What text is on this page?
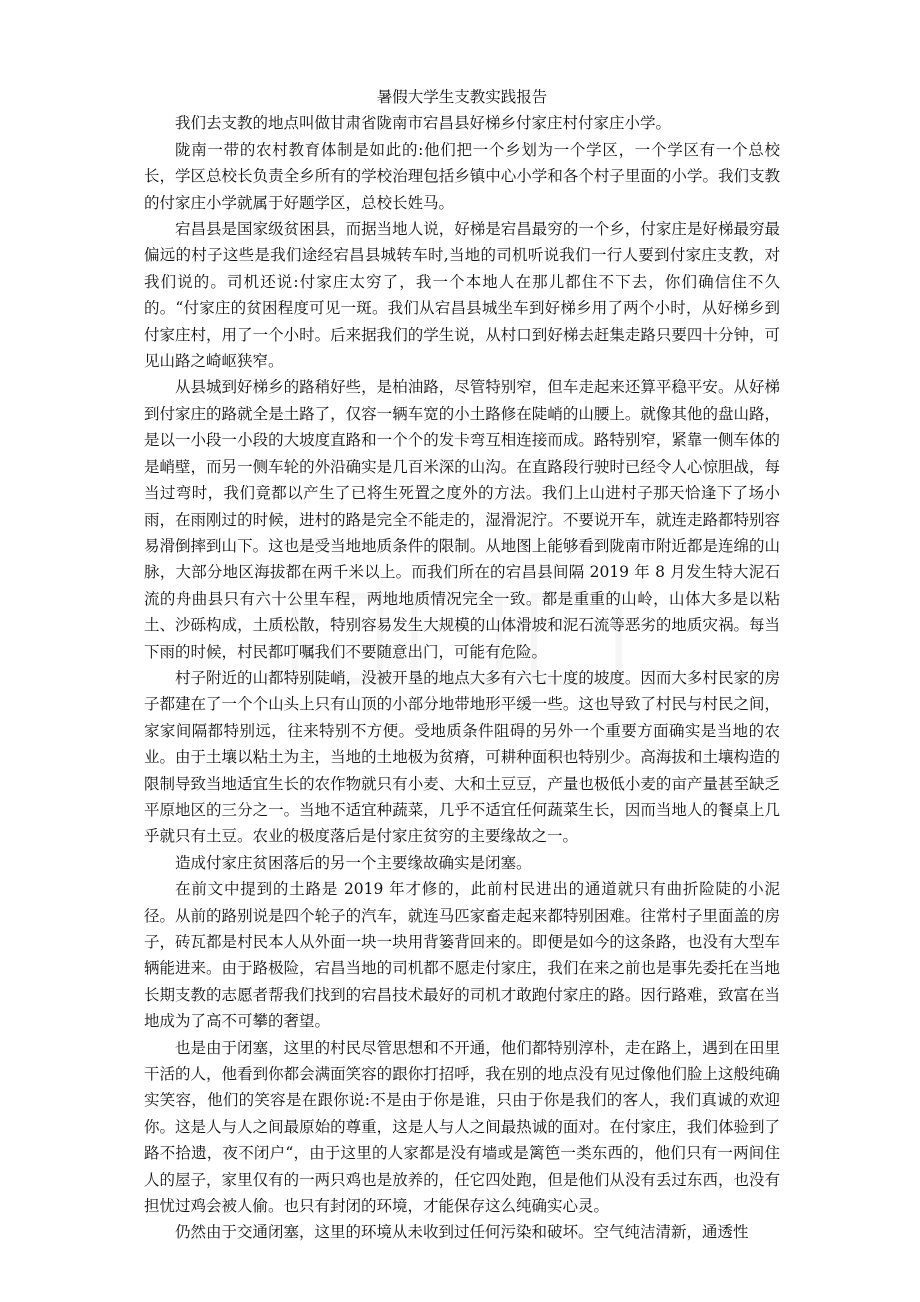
暑假大学生支教实践报告

我们去支教的地点叫做甘肃省陇南市宕昌县好梯乡付家庄村付家庄小学。

陇南一带的农村教育体制是如此的:他们把一个乡划为一个学区，一个学区有一个总校长，学区总校长负责全乡所有的学校治理包括乡镇中心小学和各个村子里面的小学。我们支教的付家庄小学就属于好题学区，总校长姓马。

宕昌县是国家级贫困县，而据当地人说，好梯是宕昌最穷的一个乡，付家庄是好梯最穷最偏远的村子这些是我们途经宕昌县城转车时,当地的司机听说我们一行人要到付家庄支教，对我们说的。司机还说:付家庄太穷了，我一个本地人在那儿都住不下去，你们确信住不久的。“付家庄的贫困程度可见一斑。我们从宕昌县城坐车到好梯乡用了两个小时，从好梯乡到付家庄村，用了一个小时。后来据我们的学生说，从村口到好梯去赶集走路只要四十分钟，可见山路之崎岖狭窄。

从县城到好梯乡的路稍好些，是柏油路，尽管特别窄，但车走起来还算平稳平安。从好梯到付家庄的路就全是土路了，仅容一辆车宽的小土路修在陡峭的山腰上。就像其他的盘山路，是以一小段一小段的大坡度直路和一个个的发卡弯互相连接而成。路特别窄，紧靠一侧车体的是峭壁，而另一侧车轮的外沿确实是几百米深的山沟。在直路段行驶时已经令人心惊胆战，每当过弯时，我们竟都以产生了已将生死置之度外的方法。我们上山进村子那天恰逢下了场小雨，在雨刚过的时候，进村的路是完全不能走的，湿滑泥泞。不要说开车，就连走路都特别容易滑倒摔到山下。这也是受当地地质条件的限制。从地图上能够看到陇南市附近都是连绵的山脉，大部分地区海拔都在两千米以上。而我们所在的宕昌县间隔 2019 年 8 月发生特大泥石流的舟曲县只有六十公里车程，两地地质情况完全一致。都是重重的山岭，山体大多是以粘土、沙砾构成，土质松散，特别容易发生大规模的山体滑坡和泥石流等恶劣的地质灾祸。每当下雨的时候，村民都叮嘱我们不要随意出门，可能有危险。

村子附近的山都特别陡峭，没被开垦的地点大多有六七十度的坡度。因而大多村民家的房子都建在了一个个山头上只有山顶的小部分地带地形平缓一些。这也导致了村民与村民之间，家家间隔都特别远，往来特别不方便。受地质条件阻碍的另外一个重要方面确实是当地的农业。由于土壤以粘土为主，当地的土地极为贫瘠，可耕种面积也特别少。高海拔和土壤构造的限制导致当地适宜生长的农作物就只有小麦、大和土豆豆，产量也极低小麦的亩产量甚至缺乏平原地区的三分之一。当地不适宜种蔬菜，几乎不适宜任何蔬菜生长，因而当地人的餐桌上几乎就只有土豆。农业的极度落后是付家庄贫穷的主要缘故之一。

造成付家庄贫困落后的另一个主要缘故确实是闭塞。

在前文中提到的土路是 2019 年才修的，此前村民进出的通道就只有曲折险陡的小泥径。从前的路别说是四个轮子的汽车，就连马匹家畜走起来都特别困难。往常村子里面盖的房子，砖瓦都是村民本人从外面一块一块用背篓背回来的。即便是如今的这条路，也没有大型车辆能进来。由于路极险，宕昌当地的司机都不愿走付家庄，我们在来之前也是事先委托在当地长期支教的志愿者帮我们找到的宕昌技术最好的司机才敢跑付家庄的路。因行路难，致富在当地成为了高不可攀的奢望。

也是由于闭塞，这里的村民尽管思想和不开通，他们都特别淳朴，走在路上，遇到在田里干活的人，他看到你都会满面笑容的跟你打招呼，我在别的地点没有见过像他们脸上这般纯确实笑容，他们的笑容是在跟你说:不是由于你是谁，只由于你是我们的客人，我们真诚的欢迎你。这是人与人之间最原始的尊重，这是人与人之间最热诚的面对。在付家庄，我们体验到了路不拾遗，夜不闭户“，由于这里的人家都是没有墙或是篱笆一类东西的，他们只有一两间住人的屋子，家里仅有的一两只鸡也是放养的，任它四处跑，但是他们从没有丢过东西，也没有担忧过鸡会被人偷。也只有封闭的环境，才能保存这么纯确实心灵。

仍然由于交通闭塞，这里的环境从未收到过任何污染和破坏。空气纯洁清新，通透性
